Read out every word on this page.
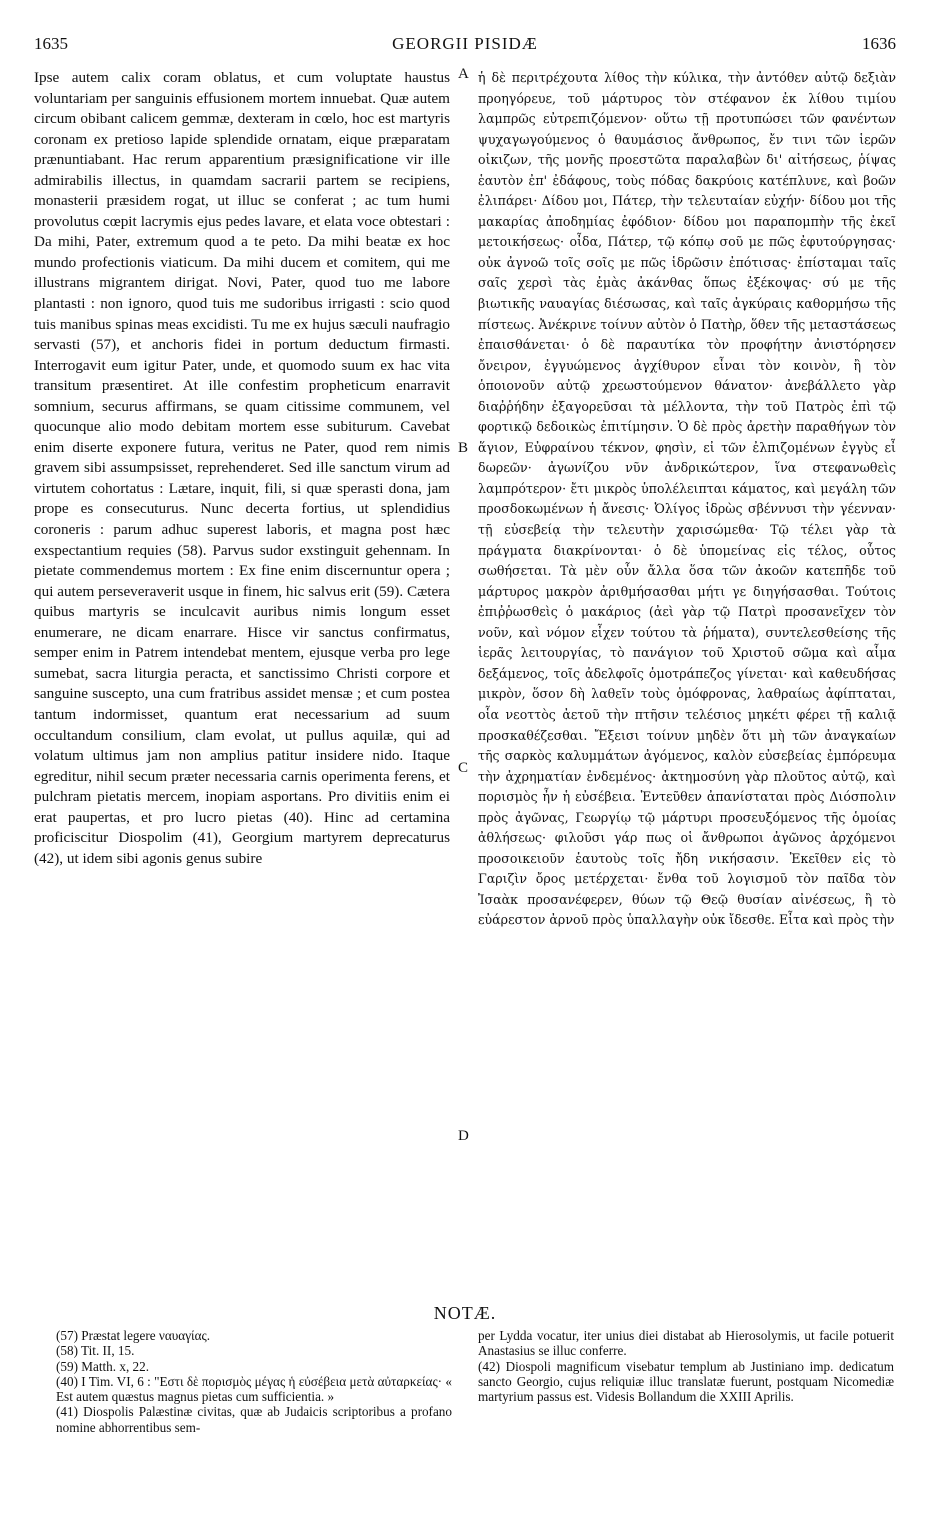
1635	GEORGII PISIDÆ	1636

Ipse autem calix coram oblatus, et cum voluptate haustus voluntariam per sanguinis effusionem mortem innuebat. Quæ autem circum obibant calicem gemmæ, dexteram in cœlo, hoc est martyris coronam ex pretioso lapide splendide ornatam, eique præparatam prænuntiabant. Hac rerum apparentium præsignificatione vir ille admirabilis illectus, in quamdam sacrarii partem se recipiens, monasterii præsidem rogat, ut illuc se conferat ; ac tum humi provolutus cœpit lacrymis ejus pedes lavare, et elata voce obtestari : Da mihi, Pater, extremum quod a te peto. Da mihi beatæ ex hoc mundo profectionis viaticum. Da mihi ducem et comitem, qui me illustrans migrantem dirigat. Novi, Pater, quod tuo me labore plantasti : non ignoro, quod tuis me sudoribus irrigasti : scio quod tuis manibus spinas meas excidisti. Tu me ex hujus sæculi naufragio servasti (57), et anchoris fidei in portum deductum firmasti. Interrogavit eum igitur Pater, unde, et quomodo suum ex hac vita transitum præsentiret. At ille confestim propheticum enarravit somnium, securus affirmans, se quam citissime communem, vel quocunque alio modo debitam mortem esse subiturum. Cavebat enim diserte exponere futura, veritus ne Pater, quod rem nimis gravem sibi assumpsisset, reprehenderet. Sed ille sanctum virum ad virtutem cohortatus : Lætare, inquit, fili, si quæ sperasti dona, jam prope es consecuturus. Nunc decerta fortius, ut splendidius coroneris : parum adhuc superest laboris, et magna post hæc exspectantium requies (58). Parvus sudor exstinguit gehennam. In pietate commendemus mortem : Ex fine enim discernuntur opera ; qui autem perseveraverit usque in finem, hic salvus erit (59). Cætera quibus martyris se inculcavit auribus nimis longum esset enumerare, ne dicam enarrare. Hisce vir sanctus confirmatus, semper enim in Patrem intendebat mentem, ejusque verba pro lege sumebat, sacra liturgia peracta, et sanctissimo Christi corpore et sanguine suscepto, una cum fratribus assidet mensæ ; et cum postea tantum indormisset, quantum erat necessarium ad suum occultandum consilium, clam evolat, ut pullus aquilæ, qui ad volatum ultimus jam non amplius patitur insidere nido. Itaque egreditur, nihil secum præter necessaria carnis operimenta ferens, et pulchram pietatis mercem, inopiam asportans. Pro divitiis enim ei erat paupertas, et pro lucro pietas (40). Hinc ad certamina proficiscitur Diospolim (41), Georgium martyrem deprecaturus (42), ut idem sibi agonis genus subire

A
B
C
D

ἡ δὲ περιτρέχουτα λίθος τὴν κύλικα, τὴν ἀντόθεν αὐτῷ δεξιὰν προηγόρευε, τοῦ μάρτυρος τὸν στέφανον ἐκ λίθου τιμίου λαμπρῶς εὐτρεπιζόμενον· οὕτω τῇ προτυπώσει τῶν φανέντων ψυχαγωγούμενος ὁ θαυμάσιος ἄνθρωπος, ἔν τινι τῶν ἱερῶν οἰκιζων, τῆς μονῆς προεστῶτα παραλαβὼν δι' αἰτήσεως, ῥίψας ἑαυτὸν ἐπ' ἐδάφους, τοὺς πόδας δακρύοις κατέπλυνε, καὶ βοῶν ἐλιπάρει· Δίδου μοι, Πάτερ, τὴν τελευταίαν εὐχήν· δίδου μοι τῆς μακαρίας ἀποδημίας ἐφόδιον· δίδου μοι παραπομπὴν τῆς ἐκεῖ μετοικήσεως· οἶδα, Πάτερ, τῷ κόπῳ σοῦ με πῶς ἐφυτούργησας· οὐκ ἀγνοῶ τοῖς σοῖς με πῶς ἱδρῶσιν ἐπότισας· ἐπίσταμαι ταῖς σαῖς χερσὶ τὰς ἐμὰς ἀκάνθας ὅπως ἐξέκοψας· σύ με τῆς βιωτικῆς ναυαγίας διέσωσας, καὶ ταῖς ἀγκύραις καθορμήσω τῆς πίστεως. Ἀνέκρινε τοίνυν αὐτὸν ὁ Πατὴρ, ὅθεν τῆς μεταστάσεως ἐπαισθάνεται· ὁ δὲ παραυτίκα τὸν προφήτην ἀνιστόρησεν ὄνειρον, ἐγγυώμενος ἀγχίθυρον εἶναι τὸν κοινὸν, ἢ τὸν ὁποιονοῦν αὐτῷ χρεωστούμενον θάνατον· ἀνεβάλλετο γὰρ διαῤῥήδην ἐξαγορεῦσαι τὰ μέλλοντα, τὴν τοῦ Πατρὸς ἐπὶ τῷ φορτικῷ δεδοικὼς ἐπιτίμησιν. Ὁ δὲ πρὸς ἀρετὴν παραθήγων τὸν ἅγιον, Εὐφραίνου τέκνον, φησὶν, εἰ τῶν ἐλπιζομένων ἐγγὺς εἶ δωρεῶν· ἀγωνίζου νῦν ἀνδρικώτερον, ἵνα στεφανωθεὶς λαμπρότερον· ἔτι μικρὸς ὑπολέλειπται κάματος, καὶ μεγάλη τῶν προσδοκωμένων ἡ ἄνεσις· Ὀλίγος ἱδρὼς σβέννυσι τὴν γέενναν· τῇ εὐσεβείᾳ τὴν τελευτὴν χαρισώμεθα· Τῷ τέλει γὰρ τὰ πράγματα διακρίνονται· ὁ δὲ ὑπομείνας εἰς τέλος, οὗτος σωθήσεται. Τὰ μὲν οὖν ἄλλα ὅσα τῶν ἀκοῶν κατεπῆδε τοῦ μάρτυρος μακρὸν ἀριθμήσασθαι μήτι γε διηγήσασθαι. Τούτοις ἐπιῤῥωσθεὶς ὁ μακάριος (ἀεὶ γὰρ τῷ Πατρὶ προσανεῖχεν τὸν νοῦν, καὶ νόμον εἶχεν τούτου τὰ ῥήματα), συντελεσθείσης τῆς ἱερᾶς λειτουργίας, τὸ πανάγιον τοῦ Χριστοῦ σῶμα καὶ αἷμα δεξάμενος, τοῖς ἀδελφοῖς ὁμοτράπεζος γίνεται· καὶ καθευδήσας μικρὸν, ὅσον δὴ λαθεῖν τοὺς ὁμόφρονας, λαθραίως ἀφίπταται, οἷα νεοττὸς ἀετοῦ τὴν πτῆσιν τελέσιος μηκέτι φέρει τῇ καλιᾷ προσκαθέζεσθαι. Ἔξεισι τοίνυν μηδὲν ὅτι μὴ τῶν ἀναγκαίων τῆς σαρκὸς καλυμμάτων ἀγόμενος, καλὸν εὐσεβείας ἐμπόρευμα τὴν ἀχρηματίαν ἐνδεμένος· ἀκτημοσύνη γὰρ πλοῦτος αὐτῷ, καὶ πορισμὸς ἦν ἡ εὐσέβεια. Ἐντεῦθεν ἀπανίσταται πρὸς Διόσπολιν πρὸς ἀγῶνας, Γεωργίῳ τῷ μάρτυρι προσευξόμενος τῆς ὁμοίας ἀθλήσεως· φιλοῦσι γάρ πως οἱ ἄνθρωποι ἀγῶνος ἀρχόμενοι προσοικειοῦν ἑαυτοὺς τοῖς ἤδη νικήσασιν. Ἐκεῖθεν εἰς τὸ Γαριζὶν ὄρος μετέρχεται· ἔνθα τοῦ λογισμοῦ τὸν παῖδα τὸν Ἰσαὰκ προσανέφερεν, θύων τῷ Θεῷ θυσίαν αἰνέσεως, ἢ τὸ εὐάρεστον ἀρνοῦ πρὸς ὑπαλλαγὴν οὐκ ἴδεσθε. Εἶτα καὶ πρὸς τὴν

NOTÆ.

(57) Præstat legere ναυαγίας.

(58) Tit. II, 15.

(59) Matth. x, 22.

(40) I Tim. VI, 6 : "Εστι δὲ πορισμὸς μέγας ἡ εὐσέβεια μετὰ αὐταρκείας· « Est autem quæstus magnus pietas cum sufficientia. »

(41) Diospolis Palæstinæ civitas, quæ ab Judaicis scriptoribus a profano nomine abhorrentibus sem-

per Lydda vocatur, iter unius diei distabat ab Hierosolymis, ut facile potuerit Anastasius se illuc conferre.

(42) Diospoli magnificum visebatur templum ab Justiniano imp. dedicatum sancto Georgio, cujus reliquiæ illuc translatæ fuerunt, postquam Nicomediæ martyrium passus est. Videsis Bollandum die XXIII Aprilis.
